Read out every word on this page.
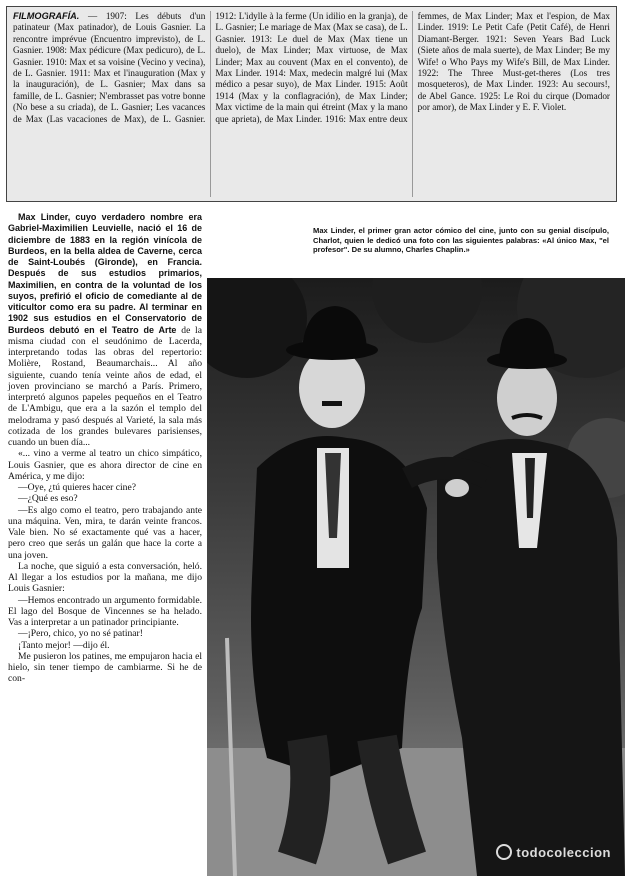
FILMOGRAFÍA. — 1907: Les débuts d'un patinateur (Max patinador), de Louis Gasnier. La rencontre imprévue (Encuentro imprevisto), de L. Gasnier. 1908: Max pédicure (Max pedicuro), de L. Gasnier. 1910: Max et sa voisine (Vecino y vecina), de L. Gasnier. 1911: Max et l'inauguration (Max y la inauguración), de L. Gasnier; Max dans sa famille, de L. Gasnier; N'embrasset pas votre bonne (No bese a su criada), de L. Gasnier; Les vacances de Max (Las vacaciones de Max), de L. Gasnier. 1912: L'idylle à la ferme (Un idilio en la granja), de L. Gasnier; Le mariage de Max (Max se casa), de L. Gasnier. 1913: Le duel de Max (Max tiene un duelo), de Max Linder; Max virtuose, de Max Linder; Max au couvent (Max en el convento), de Max Linder. 1914: Max, medecin malgré lui (Max médico a pesar suyo), de Max Linder. 1915: Août 1914 (Max y la conflagración), de Max Linder; Max victime de la main qui étreint (Max y la mano que aprieta), de Max Linder. 1916: Max entre deux femmes, de Max Linder; Max et l'espion, de Max Linder. 1919: Le Petit Cafe (Petit Café), de Henri Diamant-Berger. 1921: Seven Years Bad Luck (Siete años de mala suerte), de Max Linder; Be my Wife! o Who Pays my Wife's Bill, de Max Linder. 1922: The Three Must-get-theres (Los tres mosqueteros), de Max Linder. 1923: Au secours!, de Abel Gance. 1925: Le Roi du cirque (Domador por amor), de Max Linder y E. F. Violet.

Max Linder, cuyo verdadero nombre era Gabriel-Maximilien Leuvielle, nació el 16 de diciembre de 1883 en la región vinícola de Burdeos, en la bella aldea de Caverne, cerca de Saint-Loubés (Gironde), en Francia. Después de sus estudios primarios, Maximilien, en contra de la voluntad de los suyos, prefirió el oficio de comediante al de viticultor como era su padre. Al terminar en 1902 sus estudios en el Conservatorio de Burdeos debutó en el Teatro de Arte de la misma ciudad con el seudónimo de Lacerda, interpretando todas las obras del repertorio: Molière, Rostand, Beaumarchais... Al año siguiente, cuando tenía veinte años de edad, el joven provinciano se marchó a París. Primero, interpretó algunos papeles pequeños en el Teatro de L'Ambigu, que era a la sazón el templo del melodrama y pasó después al Varieté, la sala más cotizada de los grandes bulevares parisienses, cuando un buen día...

«... vino a verme al teatro un chico simpático, Louis Gasnier, que es ahora director de cine en América, y me dijo:

—Oye, ¿tú quieres hacer cine?

—¿Qué es eso?

—Es algo como el teatro, pero trabajando ante una máquina. Ven, mira, te darán veinte francos. Vale bien. No sé exactamente qué vas a hacer, pero creo que serás un galán que hace la corte a una joven.

La noche, que siguió a esta conversación, heló. Al llegar a los estudios por la mañana, me dijo Louis Gasnier:

—Hemos encontrado un argumento formidable. El lago del Bosque de Vincennes se ha helado. Vas a interpretar a un patinador principiante.

—¡Pero, chico, yo no sé patinar!

¡Tanto mejor! —dijo él.

Me pusieron los patines, me empujaron hacia el hielo, sin tener tiempo de cambiarme. Si he de con-

Max Linder, el primer gran actor cómico del cine, junto con su genial discípulo, Charlot, quien le dedicó una foto con las siguientes palabras: «Al único Max, "el profesor". De su alumno, Charles Chaplin.»
todocoleccion
